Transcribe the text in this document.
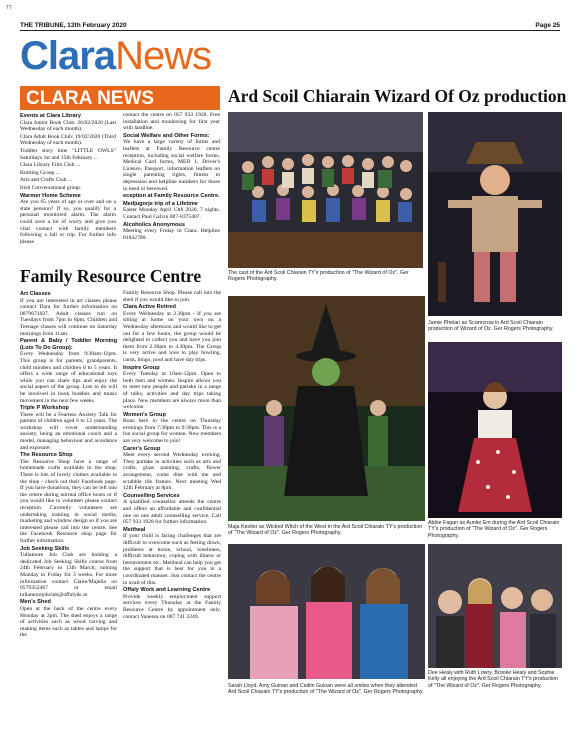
TT
THE TRIBUNE, 13th February 2020	Page 25
ClaraNews
CLARA NEWS
Events at Clara Library

Clara Junior Book Club: 26/02/2020 (Last Wednesday of each month).

Clara Adult Book Club: 19/02/2020 (Third Wednesday of each month).

Toddler story time "LITTLE OWLS" Saturdays 1st and 15th February ...

Clara Library Film Club ...

Knitting Group ...

Arts and Crafts Club ...

Irish Conversational group.

Warmer Home Scheme

Are you 65 years of age or over and on a state pension? If so, you qualify for a personal monitored alarm. The alarm could save a lot of worry and give you vital contact with family members following a fall or trip. For further info please

contact the centre on 057 933 1928. Free installation and monitoring for first year with landline.

Social Welfare and Other Forms:

We have a large variety of forms and leaflets at Family Resource centre reception, including social welfare forms, Medical Card forms, MED 1, Driver's Licence, Passport, information leaflets on single parenting rights, fitness to depression and helpline numbers for those in need or bereaved.

eception at Family Resource Centre.
Medjugorje trip of a Lifetime

Easter Monday April 13th 2020. 7 nights. Contact Paul Galvin 087-8375407.

Alcoholics Anonymous

Meeting every Friday in Clara. Helpline 01842700.

Ard Scoil Chiarain Wizard Of Oz production
The cast of the Ard Scoil Chiarain TY's production of "The Wizard of Oz". Ger Rogers Photography.
Jamie Phelan as Scarecrow in Ard Scoil Chiarain production of Wizard of Oz. Ger Rogers Photography.
Maja Kestler as Wicked Witch of the West in the Ard Scoil Chiarain TY's production of "The Wizard of Oz". Ger Rogers Photography.
Abbie Fagan as Auntie Em during the Ard Scoil Chiarain TY's production of "The Wizard of Oz". Ger Rogers Photography.
Sarah Lloyd, Amy Guinan and Caitlin Guinan were all smiles when they attended Ard Scoil Chiarain TY's production of "The Wizard of Oz". Ger Rogers Photography.
Dee Healy with Ruth Lowry, Brooke Healy and Sophie Kelly all enjoying the Ard Scoil Chiarain TY's production of "The Wizard of Oz". Ger Rogers Photography.
Family Resource Centre
Art Classes

If you are interested in art classes please contact Dara for further information on 0879671027. Adult classes run on Tuesdays from 7pm to 8pm. Children and Teenage classes will continue on Saturday mornings from 11am.

Parent & Baby / Toddler Morning (Lots To Do Group):

Every Wednesday from 9:30am-12pm. This group is for parents, grandparents, child minders and children 0 to 5 years. It offers a wide range of educational toys while you can share tips and enjoy the social aspect of the group. Lots to do will be involved in book buddies and music movement in the next few weeks.

Triple P Workshop

There will be a Fearless Anxiety Talk for parents of children aged 6 to 12 years. The workshop will cover understanding anxiety, being an emotional coach and a model, managing behaviour and avoidance and exposure.

The Resource Shop

The Resource Shop have a range of homemade crafts available in the shop. There is lots of lovely clothes available in the shop - check out their Facebook page. If you have donations, they can be left into the centre during normal office hours or if you would like to volunteer please contact reception. Currently volunteers are undertaking training in social media, marketing and window design so if you are interested please call into the centre. See the Facebook Resource shop page for further information.

Job Seeking Skills

Tullamore Job Club are holding a dedicated Job Seeking Skills course from 24th February to 13th March, running Monday to Friday for 3 weeks. For more information contact Claire/Majella on 0579352467 or email tullamorejobclub@offalydc.ie

Men's Shed

Open at the back of the centre every Monday at 2pm. The shed enjoys a range of activities such as wood carving and making items such as tables and lamps for the

Family Resource Shop. Please call into the shed if you would like to join.

Clara Active Retired

Every Wednesday at 2.30pm - If you are sitting at home on your own on a Wednesday afternoon and would like to get out for a few hours, the group would be delighted to collect you and have you join them from 2.30pm to 4.30pm. The Group is very active and love to play bowling, cards, bingo, pool and have day trips.

Inspire Group

Every Tuesday at 10am-12pm. Open to both men and women. Inspire allows you to meet new people and partake in a range of talks, activities and day trips taking place. New members are always more than welcome.

Women's Group

Runs here in the centre on Thursday evenings from 7:30pm to 9:30pm. This is a fun social group for women. New members are very welcome to join!

Carer's Group

Meet every second Wednesday evening. They partake in activities such as arts and crafts, glass painting, crafts, flower arrangement, come dine with me and scrabble tile frames. Next meeting Wed 12th February at 8pm.

Counselling Services

A qualified counsellor attends the centre and offers an affordable and confidential one on one adult counselling service. Call 057 933 1928 for further information.

Meitheal

If your child is facing challenges that are difficult to overcome such as feeling down, problems at home, school, loneliness, difficult behaviour, coping with illness or bereavement etc. Meitheal can help you get the support that is best for you in a coordinated manner. Just contact the centre to avail of this.

Offaly Work and Learning Centre

Provide weekly employment support services every Thursday at the Family Resource Centre by appointment only. contact Vanessa on 087 741 3249.
